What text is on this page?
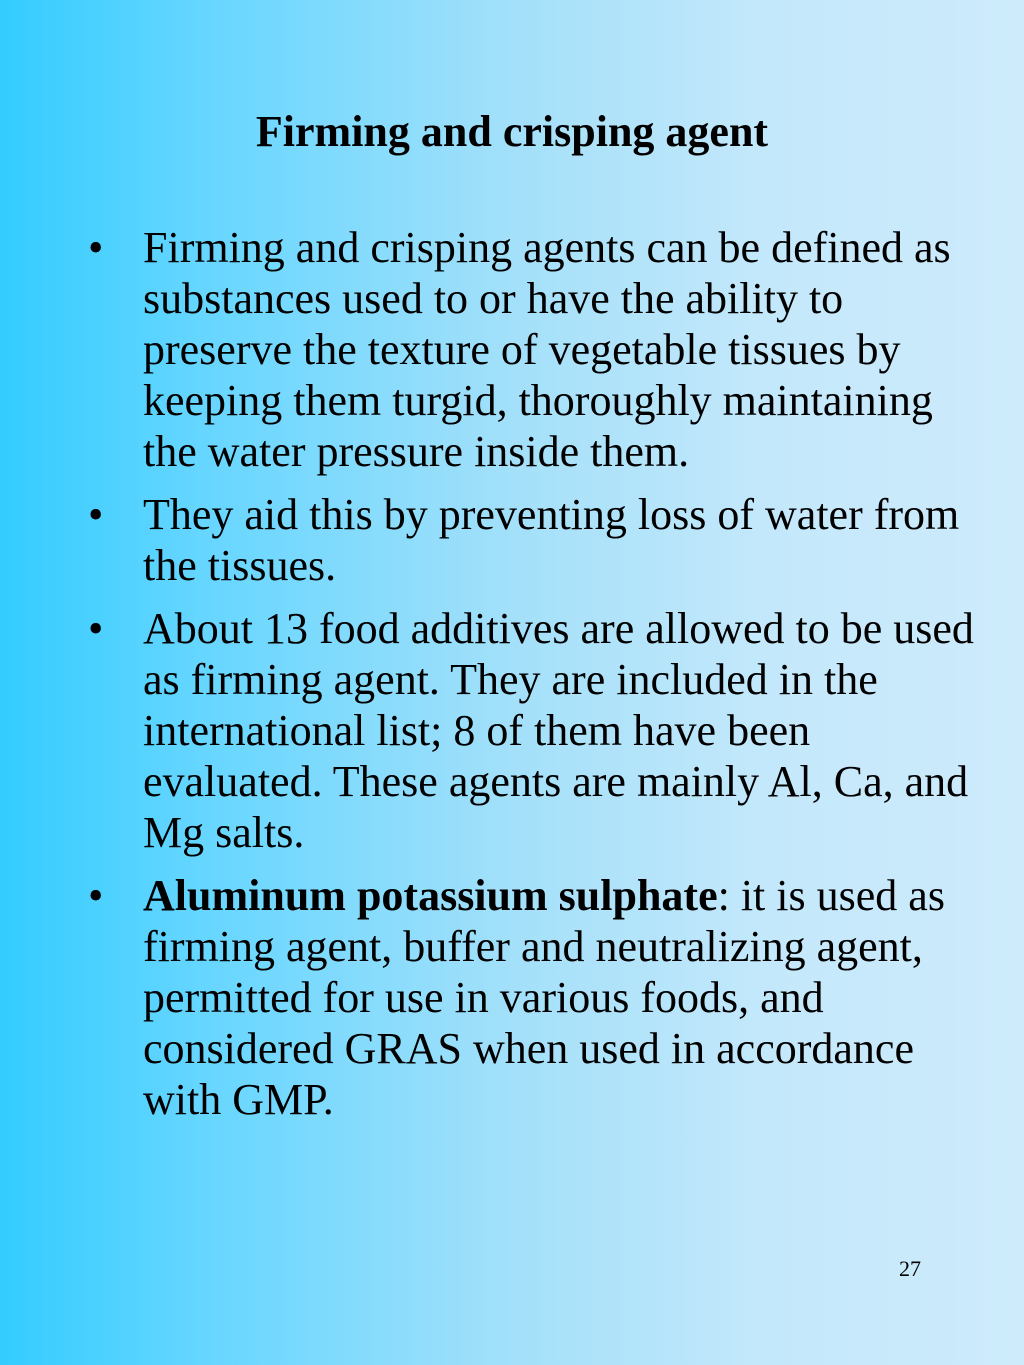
Firming and crisping agent
• Firming and crisping agents can be defined as substances used to or have the ability to preserve the texture of vegetable tissues by keeping them turgid, thoroughly maintaining the water pressure inside them.
• They aid this by preventing loss of water from the tissues.
• About 13 food additives are allowed to be used as firming agent. They are included in the international list; 8 of them have been evaluated. These agents are mainly Al, Ca, and Mg salts.
• Aluminum potassium sulphate: it is used as firming agent, buffer and neutralizing agent, permitted for use in various foods, and considered GRAS when used in accordance with GMP.
27
